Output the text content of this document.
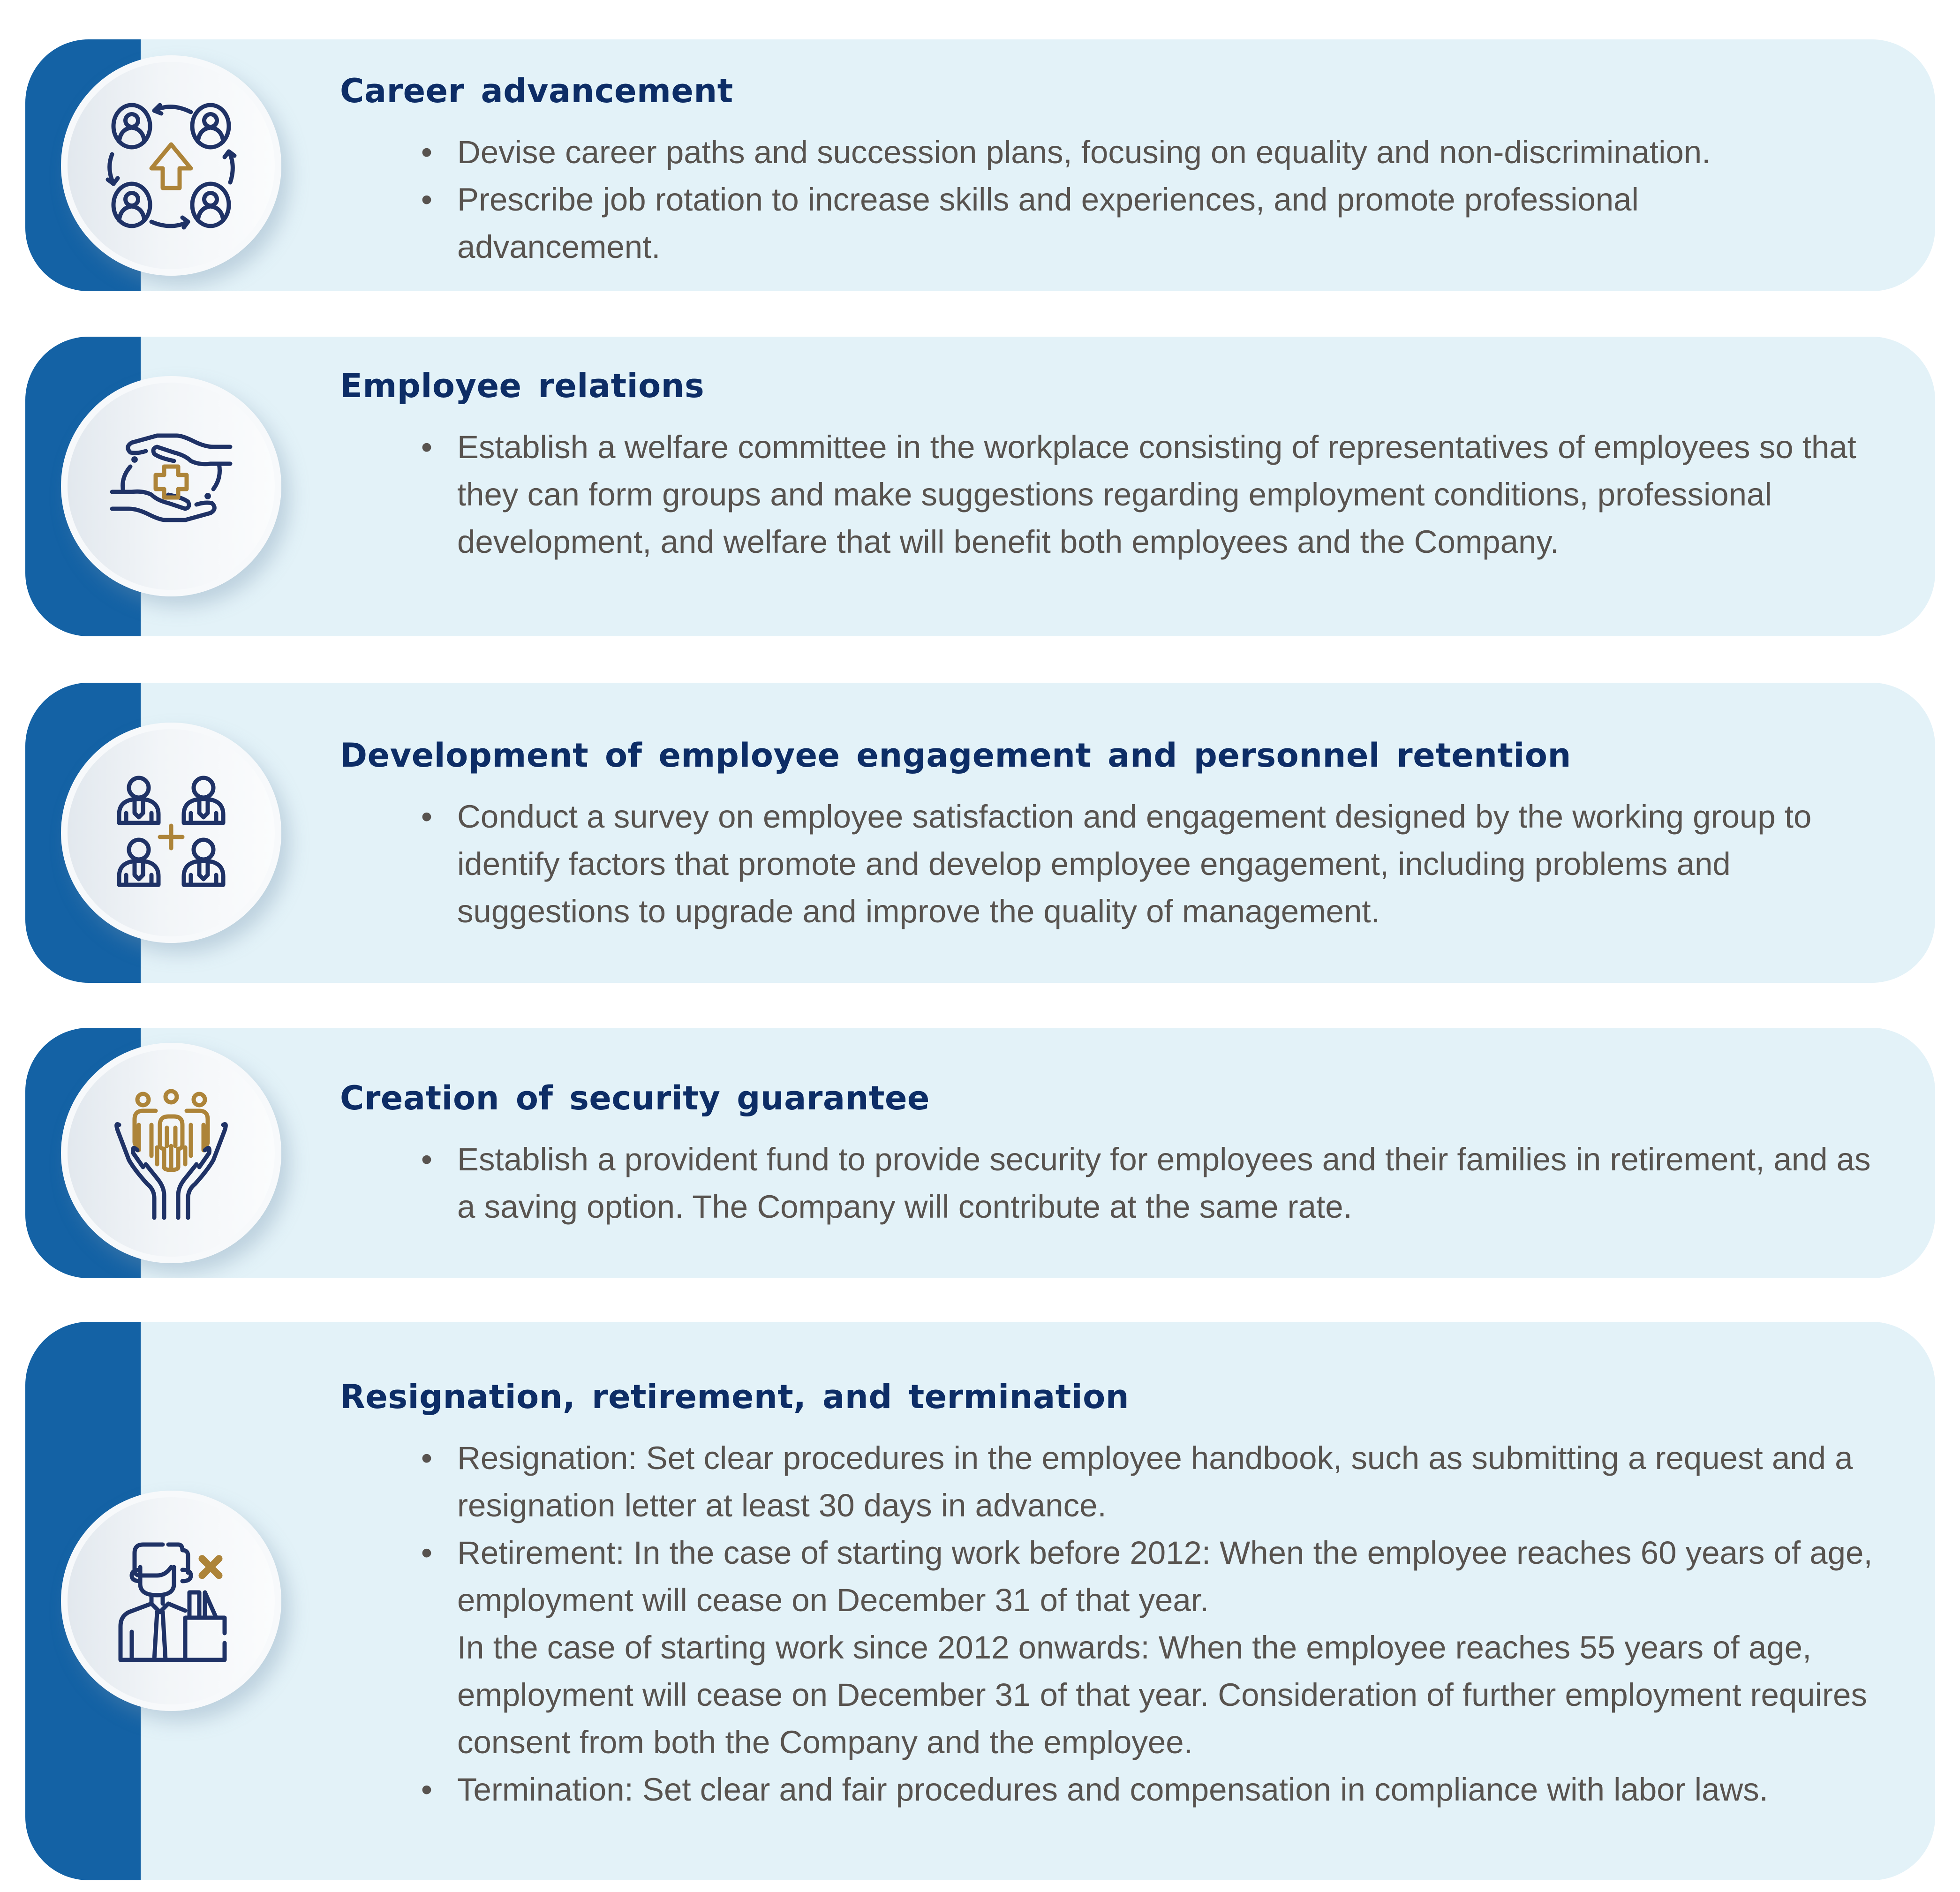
Career advancement
• Devise career paths and succession plans, focusing on equality and non-discrimination.
• Prescribe job rotation to increase skills and experiences, and promote professional advancement.
Employee relations
• Establish a welfare committee in the workplace consisting of representatives of employees so that they can form groups and make suggestions regarding employment conditions, professional development, and welfare that will benefit both employees and the Company.
Development of employee engagement and personnel retention
• Conduct a survey on employee satisfaction and engagement designed by the working group to identify factors that promote and develop employee engagement, including problems and suggestions to upgrade and improve the quality of management.
Creation of security guarantee
• Establish a provident fund to provide security for employees and their families in retirement, and as a saving option. The Company will contribute at the same rate.
Resignation, retirement, and termination
• Resignation: Set clear procedures in the employee handbook, such as submitting a request and a resignation letter at least 30 days in advance.
• Retirement: In the case of starting work before 2012: When the employee reaches 60 years of age, employment will cease on December 31 of that year.
In the case of starting work since 2012 onwards: When the employee reaches 55 years of age, employment will cease on December 31 of that year. Consideration of further employment requires consent from both the Company and the employee.
• Termination: Set clear and fair procedures and compensation in compliance with labor laws.
